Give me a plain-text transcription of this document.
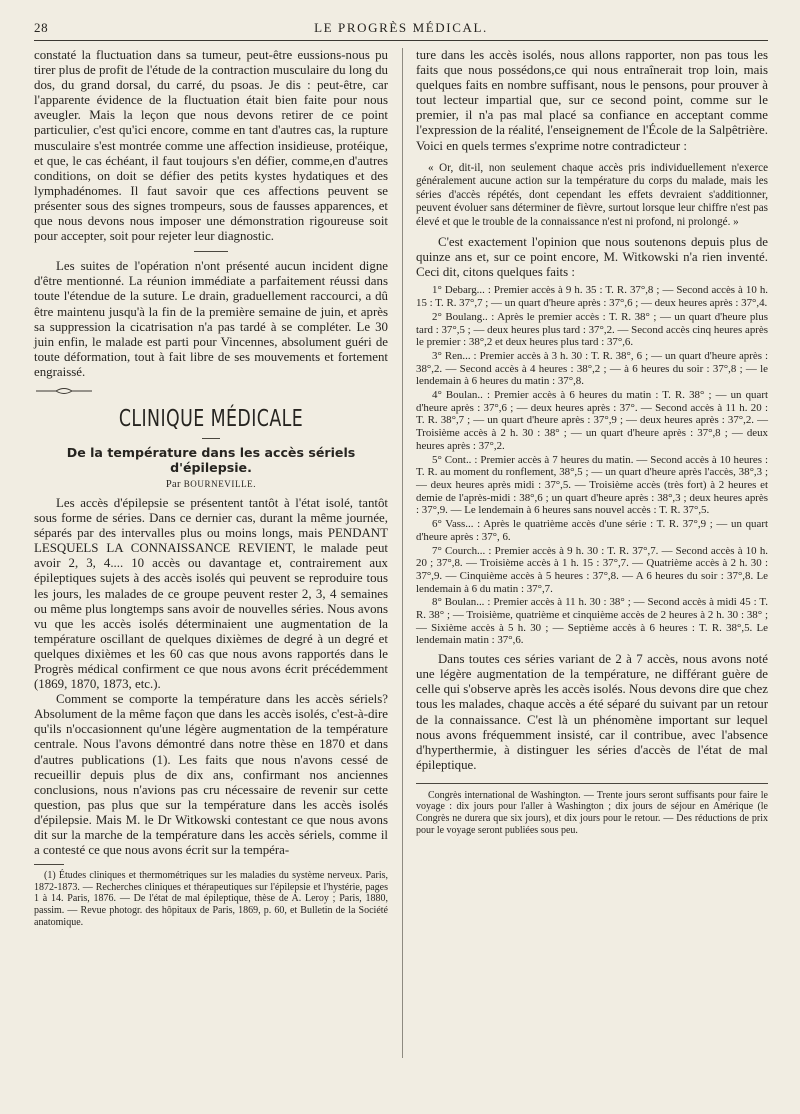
28	LE PROGRÈS MÉDICAL.

constaté la fluctuation dans sa tumeur, peut-être eussions-nous pu tirer plus de profit de l'étude de la contraction musculaire du long du dos, du grand dorsal, du carré, du psoas. Je dis : peut-être, car l'apparente évidence de la fluctuation était bien faite pour nous aveugler. Mais la leçon que nous devons retirer de ce point particulier, c'est qu'ici encore, comme en tant d'autres cas, la rupture musculaire s'est montrée comme une affection insidieuse, protéique, et que, le cas échéant, il faut toujours s'en défier, comme,en d'autres conditions, on doit se défier des petits kystes hydatiques et des lymphadénomes. Il faut savoir que ces affections peuvent se présenter sous des signes trompeurs, sous de fausses apparences, et que nous devons nous imposer une démonstration rigoureuse soit pour accepter, soit pour rejeter leur diagnostic.

Les suites de l'opération n'ont présenté aucun incident digne d'être mentionné. La réunion immédiate a parfaitement réussi dans toute l'étendue de la suture. Le drain, graduellement raccourci, a dû être maintenu jusqu'à la fin de la première semaine de juin, et après sa suppression la cicatrisation n'a pas tardé à se compléter. Le 30 juin enfin, le malade est parti pour Vincennes, absolument guéri de toute déformation, tout à fait libre de ses mouvements et fortement engraissé.

CLINIQUE MÉDICALE

De la température dans les accès sériels d'épilepsie.

Par BOURNEVILLE.

Les accès d'épilepsie se présentent tantôt à l'état isolé, tantôt sous forme de séries. Dans ce dernier cas, durant la même journée, séparés par des intervalles plus ou moins longs, mais PENDANT LESQUELS LA CONNAISSANCE REVIENT, le malade peut avoir 2, 3, 4.... 10 accès ou davantage et, contrairement aux épileptiques sujets à des accès isolés qui peuvent se reproduire tous les jours, les malades de ce groupe peuvent rester 2, 3, 4 semaines ou même plus longtemps sans avoir de nouvelles séries. Nous avons vu que les accès isolés déterminaient une augmentation de la température oscillant de quelques dixièmes de degré à un degré et quelques dixièmes et les 60 cas que nous avons rapportés dans le Progrès médical confirment ce que nous avons écrit précédemment (1869, 1870, 1873, etc.).

Comment se comporte la température dans les accès sériels? Absolument de la même façon que dans les accès isolés, c'est-à-dire qu'ils n'occasionnent qu'une légère augmentation de la température centrale. Nous l'avons démontré dans notre thèse en 1870 et dans d'autres publications (1). Les faits que nous n'avons cessé de recueillir depuis plus de dix ans, confirmant nos anciennes conclusions, nous n'avions pas cru nécessaire de revenir sur cette question, pas plus que sur la température dans les accès isolés d'épilepsie. Mais M. le Dr Witkowski contestant ce que nous avons dit sur la marche de la température dans les accès sériels, comme il a contesté ce que nous avons écrit sur la tempéra-

(1) Études cliniques et thermométriques sur les maladies du système nerveux. Paris, 1872-1873. — Recherches cliniques et thérapeutiques sur l'épilepsie et l'hystérie, pages 1 à 14. Paris, 1876. — De l'état de mal épileptique, thèse de A. Leroy ; Paris, 1880, passim. — Revue photogr. des hôpitaux de Paris, 1869, p. 60, et Bulletin de la Société anatomique.

ture dans les accès isolés, nous allons rapporter, non pas tous les faits que nous possédons,ce qui nous entraînerait trop loin, mais quelques faits en nombre suffisant, nous le pensons, pour prouver à tout lecteur impartial que, sur ce second point, comme sur le premier, il n'a pas mal placé sa confiance en acceptant comme l'expression de la réalité, l'enseignement de l'École de la Salpêtrière. Voici en quels termes s'exprime notre contradicteur :

« Or, dit-il, non seulement chaque accès pris individuellement n'exerce généralement aucune action sur la température du corps du malade, mais les séries d'accès répétés, dont cependant les effets devraient s'additionner, peuvent évoluer sans déterminer de fièvre, surtout lorsque leur chiffre n'est pas élevé et que le trouble de la connaissance n'est ni profond, ni prolongé. »

C'est exactement l'opinion que nous soutenons depuis plus de quinze ans et, sur ce point encore, M. Witkowski n'a rien inventé. Ceci dit, citons quelques faits :

1° Debarg... : Premier accès à 9 h. 35 : T. R. 37°,8 ; — Second accès à 10 h. 15 : T. R. 37°,7 ; — un quart d'heure après : 37°,6 ; — deux heures après : 37°,4.

2° Boulang.. : Après le premier accès : T. R. 38° ; — un quart d'heure plus tard : 37°,5 ; — deux heures plus tard : 37°,2. — Second accès cinq heures après le premier : 38°,2 et deux heures plus tard : 37°,6.

3° Ren... : Premier accès à 3 h. 30 : T. R. 38°, 6 ; — un quart d'heure après : 38°,2. — Second accès à 4 heures : 38°,2 ; — à 6 heures du soir : 37°,8 ; — le lendemain à 6 heures du matin : 37°,8.

4° Boulan.. : Premier accès à 6 heures du matin : T. R. 38° ; — un quart d'heure après : 37°,6 ; — deux heures après : 37°. — Second accès à 11 h. 20 : T. R. 38°,7 ; — un quart d'heure après : 37°,9 ; — deux heures après : 37°,2. — Troisième accès à 2 h. 30 : 38° ; — un quart d'heure après : 37°,8 ; — deux heures après : 37°,2.

5° Cont.. : Premier accès à 7 heures du matin. — Second accès à 10 heures : T. R. au moment du ronflement, 38°,5 ; — un quart d'heure après l'accès, 38°,3 ; — deux heures après midi : 37°,5. — Troisième accès (très fort) à 2 heures et demie de l'après-midi : 38°,6 ; un quart d'heure après : 38°,3 ; deux heures après : 37°,9. — Le lendemain à 6 heures sans nouvel accès : T. R. 37°,5.

6° Vass... : Après le quatrième accès d'une série : T. R. 37°,9 ; — un quart d'heure après : 37°, 6.

7° Courch... : Premier accès à 9 h. 30 : T. R. 37°,7. — Second accès à 10 h. 20 ; 37°,8. — Troisième accès à 1 h. 15 : 37°,7. — Quatrième accès à 2 h. 30 : 37°,9. — Cinquième accès à 5 heures : 37°,8. — A 6 heures du soir : 37°,8. Le lendemain à 6 du matin : 37°,7.

8° Boulan... : Premier accès à 11 h. 30 : 38° ; — Second accès à midi 45 : T. R. 38° ; — Troisième, quatrième et cinquième accès de 2 heures à 2 h. 30 : 38° ; — Sixième accès à 5 h. 30 ; — Septième accès à 6 heures : T. R. 38°,5. Le lendemain matin : 37°,6.

Dans toutes ces séries variant de 2 à 7 accès, nous avons noté une légère augmentation de la température, ne différant guère de celle qui s'observe après les accès isolés. Nous devons dire que chez tous les malades, chaque accès a été séparé du suivant par un retour de la connaissance. C'est là un phénomène important sur lequel nous avons fréquemment insisté, car il contribue, avec l'absence d'hyperthermie, à distinguer les séries d'accès de l'état de mal épileptique.

Congrès international de Washington. — Trente jours seront suffisants pour faire le voyage : dix jours pour l'aller à Washington ; dix jours de séjour en Amérique (le Congrès ne durera que six jours), et dix jours pour le retour. — Des réductions de prix pour le voyage seront publiées sous peu.
